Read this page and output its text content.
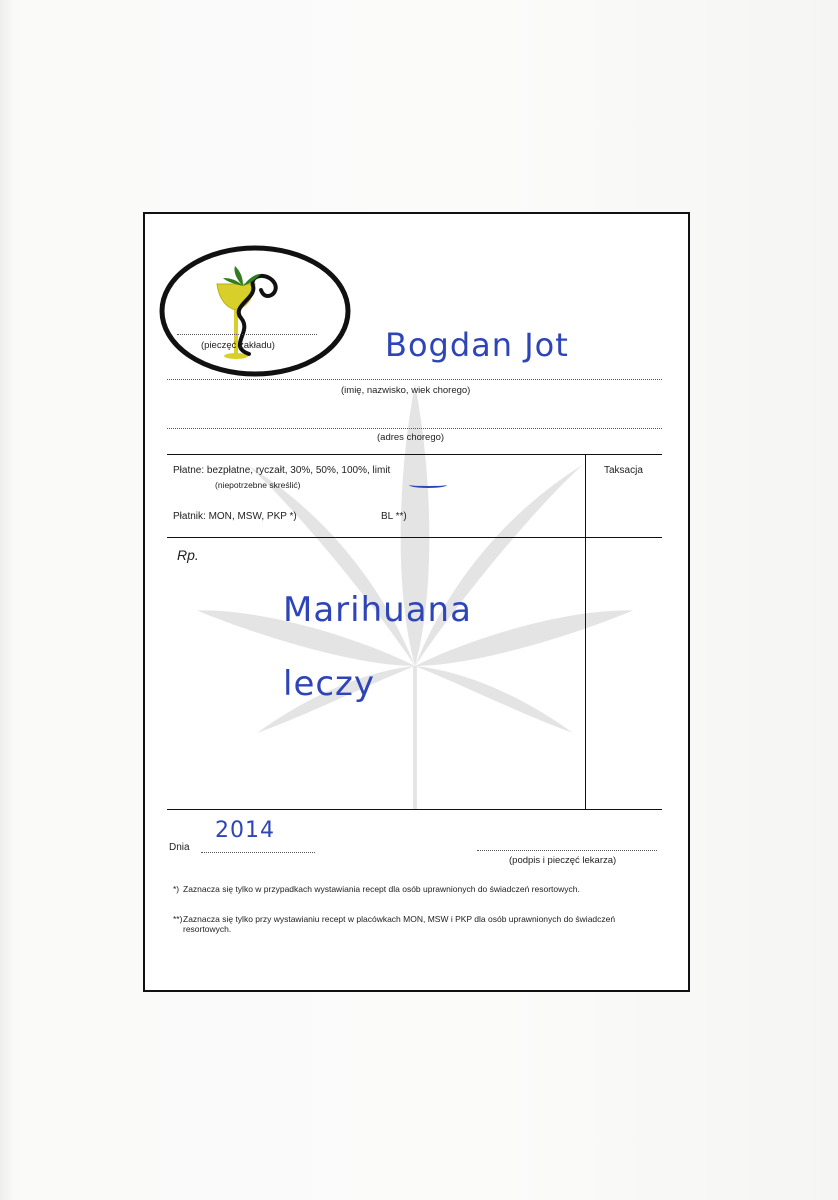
(pieczęć zakładu)	Bogdan Jot
(imię, nazwisko, wiek chorego)
(adres chorego)
Płatne: bezpłatne, ryczałt, 30%, 50%, 100%, limit
(niepotrzebne skreślić)
Płatnik: MON, MSW, PKP *)	BL **)
Taksacja
Rp.
Marihuana
leczy
Dnia
2014
(podpis i pieczęć lekarza)
*) Zaznacza się tylko w przypadkach wystawiania recept dla osób uprawnionych do świadczeń resortowych.
**) Zaznacza się tylko przy wystawianiu recept w placówkach MON, MSW i PKP dla osób uprawnionych do świadczeń resortowych.
